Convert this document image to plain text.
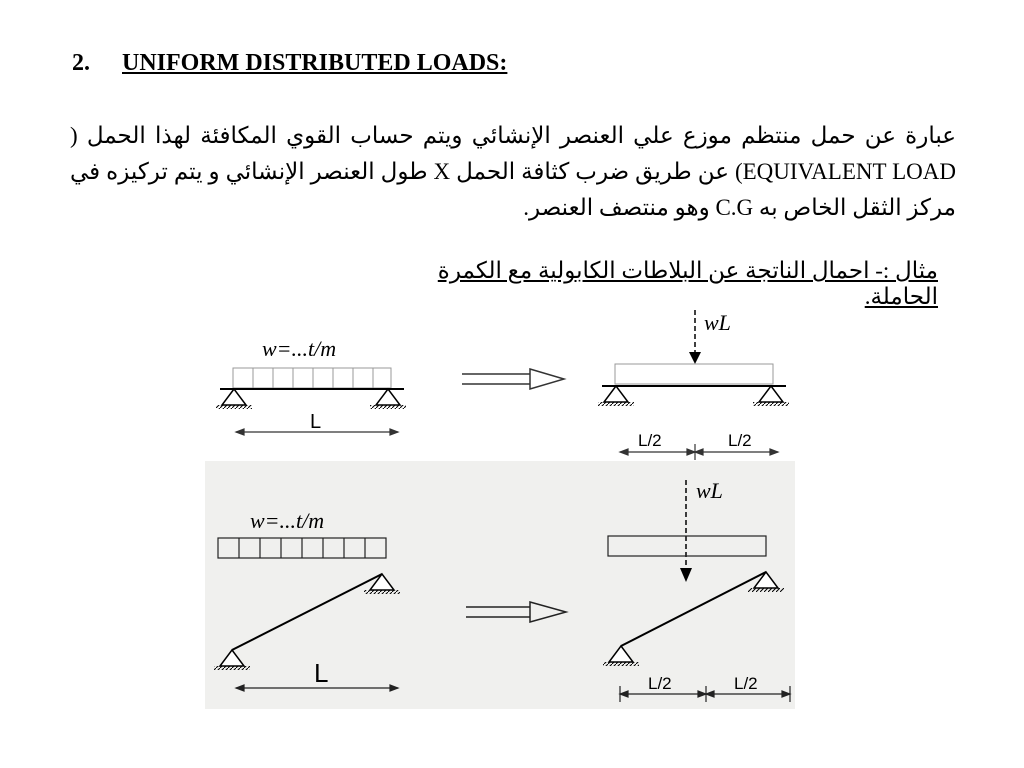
2. UNIFORM DISTRIBUTED LOADS:
عبارة عن حمل منتظم موزع علي العنصر الإنشائي ويتم حساب القوي المكافئة لهذا الحمل ( EQUIVALENT LOAD) عن طريق ضرب كثافة الحمل X طول العنصر الإنشائي و يتم تركيزه في مركز الثقل الخاص به C.G وهو منتصف العنصر.
مثال :- احمال الناتجة عن البلاطات الكابولية مع الكمرة الحاملة.
w=...t/m
L
wL
L/2	L/2
w=...t/m
L
wL
L/2	L/2
